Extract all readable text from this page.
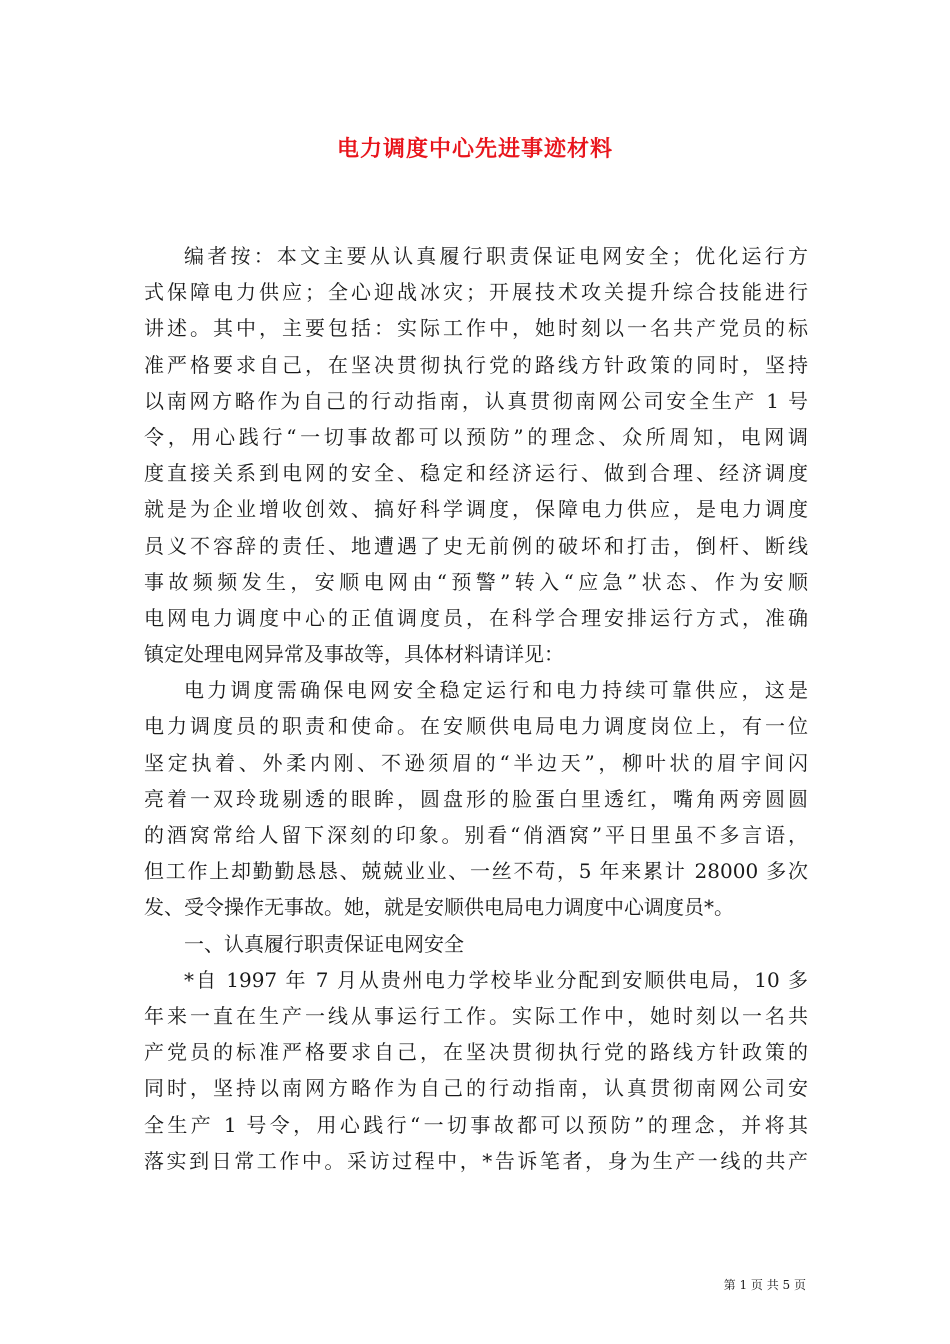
电力调度中心先进事迹材料
编者按：本文主要从认真履行职责保证电网安全；优化运行方
式保障电力供应；全心迎战冰灾；开展技术攻关提升综合技能进行
讲述。其中，主要包括：实际工作中，她时刻以一名共产党员的标
准严格要求自己，在坚决贯彻执行党的路线方针政策的同时，坚持
以南网方略作为自己的行动指南，认真贯彻南网公司安全生产 1 号
令，用心践行“一切事故都可以预防”的理念、众所周知，电网调
度直接关系到电网的安全、稳定和经济运行、做到合理、经济调度
就是为企业增收创效、搞好科学调度，保障电力供应，是电力调度
员义不容辞的责任、地遭遇了史无前例的破坏和打击，倒杆、断线
事故频频发生，安顺电网由“预警”转入“应急”状态、作为安顺
电网电力调度中心的正值调度员，在科学合理安排运行方式，准确
镇定处理电网异常及事故等，具体材料请详见：
电力调度需确保电网安全稳定运行和电力持续可靠供应，这是
电力调度员的职责和使命。在安顺供电局电力调度岗位上，有一位
坚定执着、外柔内刚、不逊须眉的“半边天”，柳叶状的眉宇间闪
亮着一双玲珑剔透的眼眸，圆盘形的脸蛋白里透红，嘴角两旁圆圆
的酒窝常给人留下深刻的印象。别看“俏酒窝”平日里虽不多言语，
但工作上却勤勤恳恳、兢兢业业、一丝不苟，5 年来累计 28000 多次
发、受令操作无事故。她，就是安顺供电局电力调度中心调度员*。
一、认真履行职责保证电网安全
*自 1997 年 7 月从贵州电力学校毕业分配到安顺供电局，10 多
年来一直在生产一线从事运行工作。实际工作中，她时刻以一名共
产党员的标准严格要求自己，在坚决贯彻执行党的路线方针政策的
同时，坚持以南网方略作为自己的行动指南，认真贯彻南网公司安
全生产 1 号令，用心践行“一切事故都可以预防”的理念，并将其
落实到日常工作中。采访过程中，*告诉笔者，身为生产一线的共产
第 1 页 共 5 页
